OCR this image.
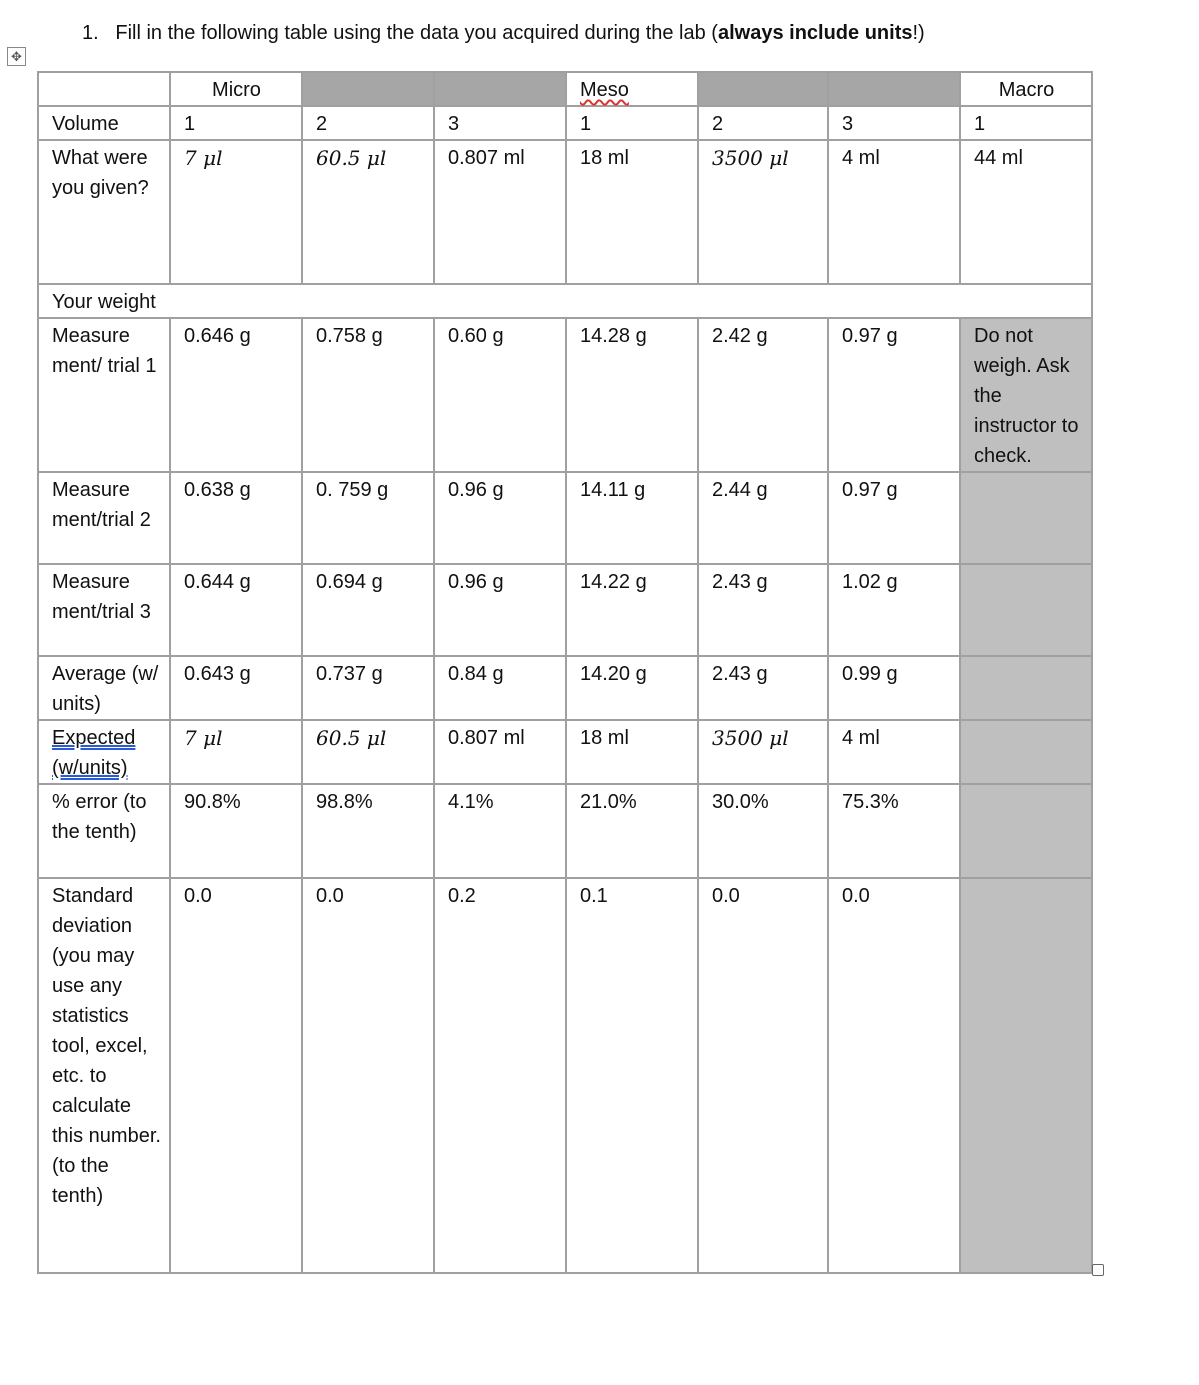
1. Fill in the following table using the data you acquired during the lab (always include units!)
✥
	Micro			Meso			Macro
Volume	1	2	3	1	2	3	1
What were you given?	7 μl	60.5 μl	0.807 ml	18 ml	3500 μl	4 ml	44 ml
Your weight							
Measure ment/ trial 1	0.646 g	0.758 g	0.60 g	14.28 g	2.42 g	0.97 g	Do not weigh. Ask the instructor to check.
Measure ment/trial 2	0.638 g	0. 759 g	0.96 g	14.11 g	2.44 g	0.97 g	
Measure ment/trial 3	0.644 g	0.694 g	0.96 g	14.22 g	2.43 g	1.02 g	
Average (w/ units)	0.643 g	0.737 g	0.84 g	14.20 g	2.43 g	0.99 g	
Expected (w/units)	7 μl	60.5 μl	0.807 ml	18 ml	3500 μl	4 ml	
% error (to the tenth)	90.8%	98.8%	4.1%	21.0%	30.0%	75.3%	
Standard deviation (you may use any statistics tool, excel, etc. to calculate this number. (to the tenth)	0.0	0.0	0.2	0.1	0.0	0.0	
